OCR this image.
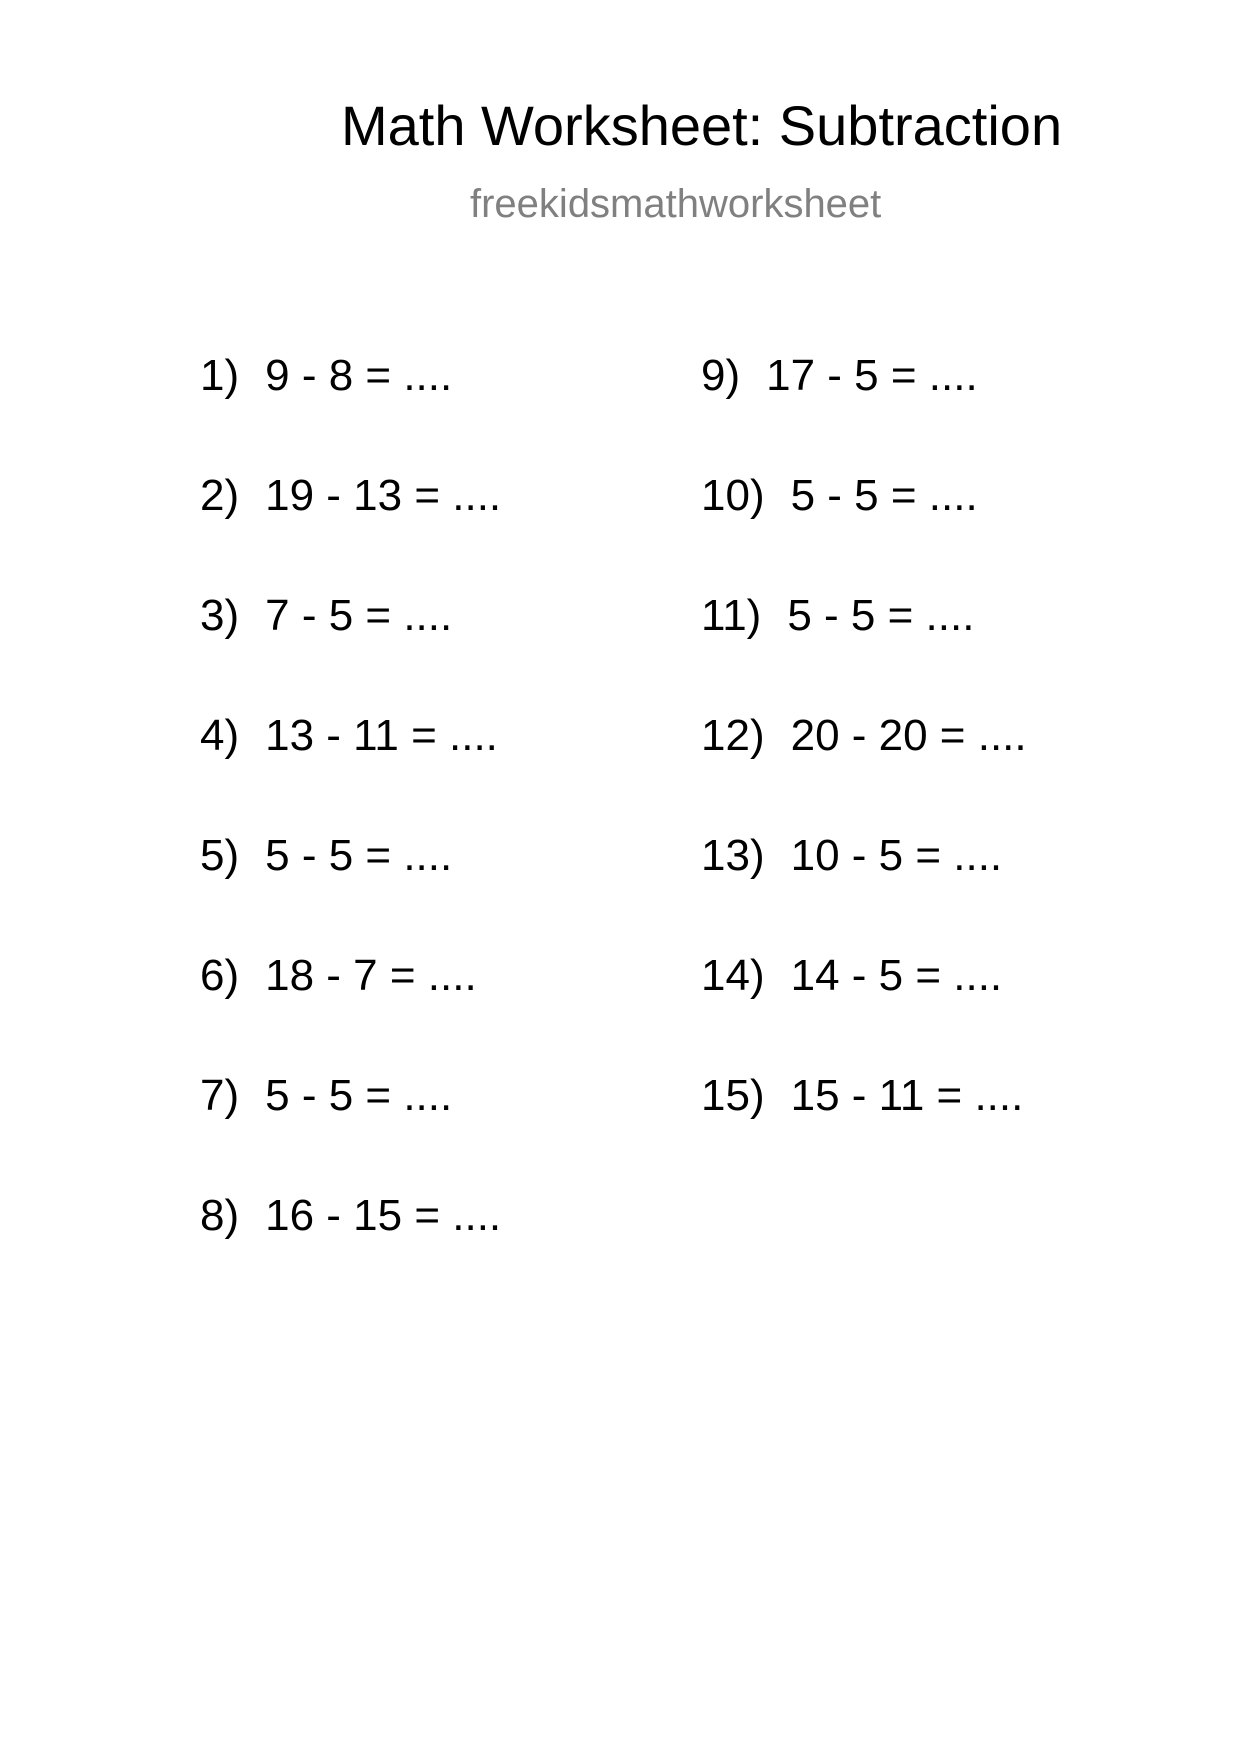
Math Worksheet: Subtraction
freekidsmathworksheet
1) 9 - 8 = ....
2) 19 - 13 = ....
3) 7 - 5 = ....
4) 13 - 11 = ....
5) 5 - 5 = ....
6) 18 - 7 = ....
7) 5 - 5 = ....
8) 16 - 15 = ....
9) 17 - 5 = ....
10) 5 - 5 = ....
11) 5 - 5 = ....
12) 20 - 20 = ....
13) 10 - 5 = ....
14) 14 - 5 = ....
15) 15 - 11 = ....
